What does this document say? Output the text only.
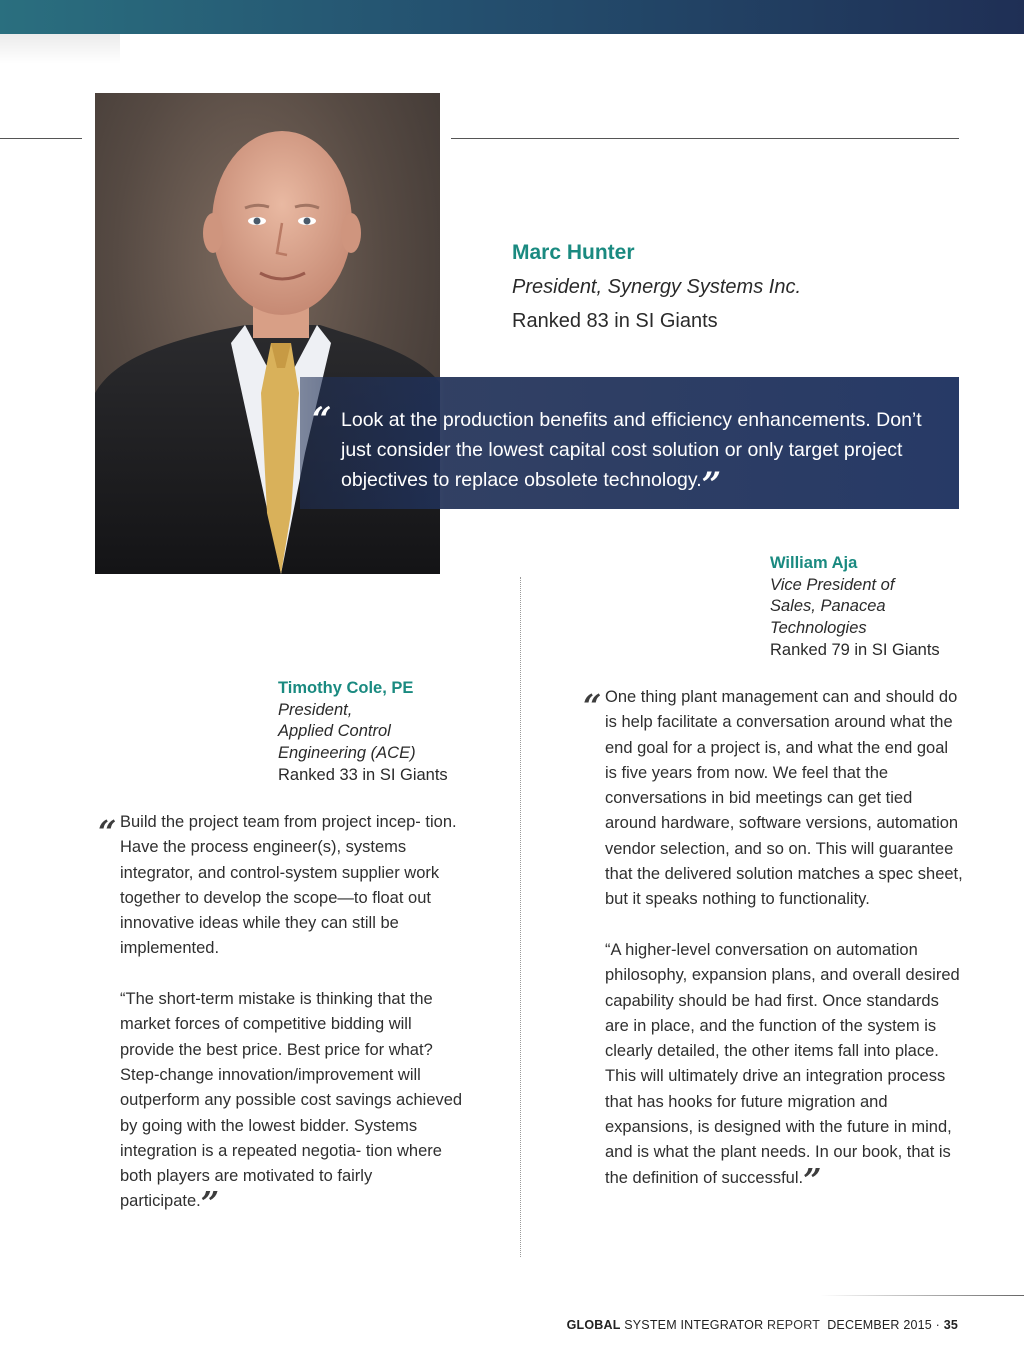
Marc Hunter
President, Synergy Systems Inc.
Ranked 83 in SI Giants
Look at the production benefits and efficiency enhancements. Don’t just consider the lowest capital cost solution or only target project objectives to replace obsolete technology.”
William Aja
Vice President of
Sales, Panacea
Technologies
Ranked 79 in SI Giants
Timothy Cole, PE
President,
Applied Control
Engineering (ACE)
Ranked 33 in SI Giants
“ Build the project team from project incep- tion. Have the process engineer(s), systems integrator, and control-system supplier work together to develop the scope—to float out innovative ideas while they can still be implemented.

“The short-term mistake is thinking that the market forces of competitive bidding will provide the best price. Best price for what? Step-change innovation/improvement will outperform any possible cost savings achieved by going with the lowest bidder. Systems integration is a repeated negotia- tion where both players are motivated to fairly participate.”

“ One thing plant management can and should do is help facilitate a conversation around what the end goal for a project is, and what the end goal is five years from now. We feel that the conversations in bid meetings can get tied around hardware, software versions, automation vendor selection, and so on. This will guarantee that the delivered solution matches a spec sheet, but it speaks nothing to functionality.

“A higher-level conversation on automation philosophy, expansion plans, and overall desired capability should be had first. Once standards are in place, and the function of the system is clearly detailed, the other items fall into place. This will ultimately drive an integration process that has hooks for future migration and expansions, is designed with the future in mind, and is what the plant needs. In our book, that is the definition of successful.”

GLOBAL SYSTEM INTEGRATOR REPORT DECEMBER 2015 · 35
